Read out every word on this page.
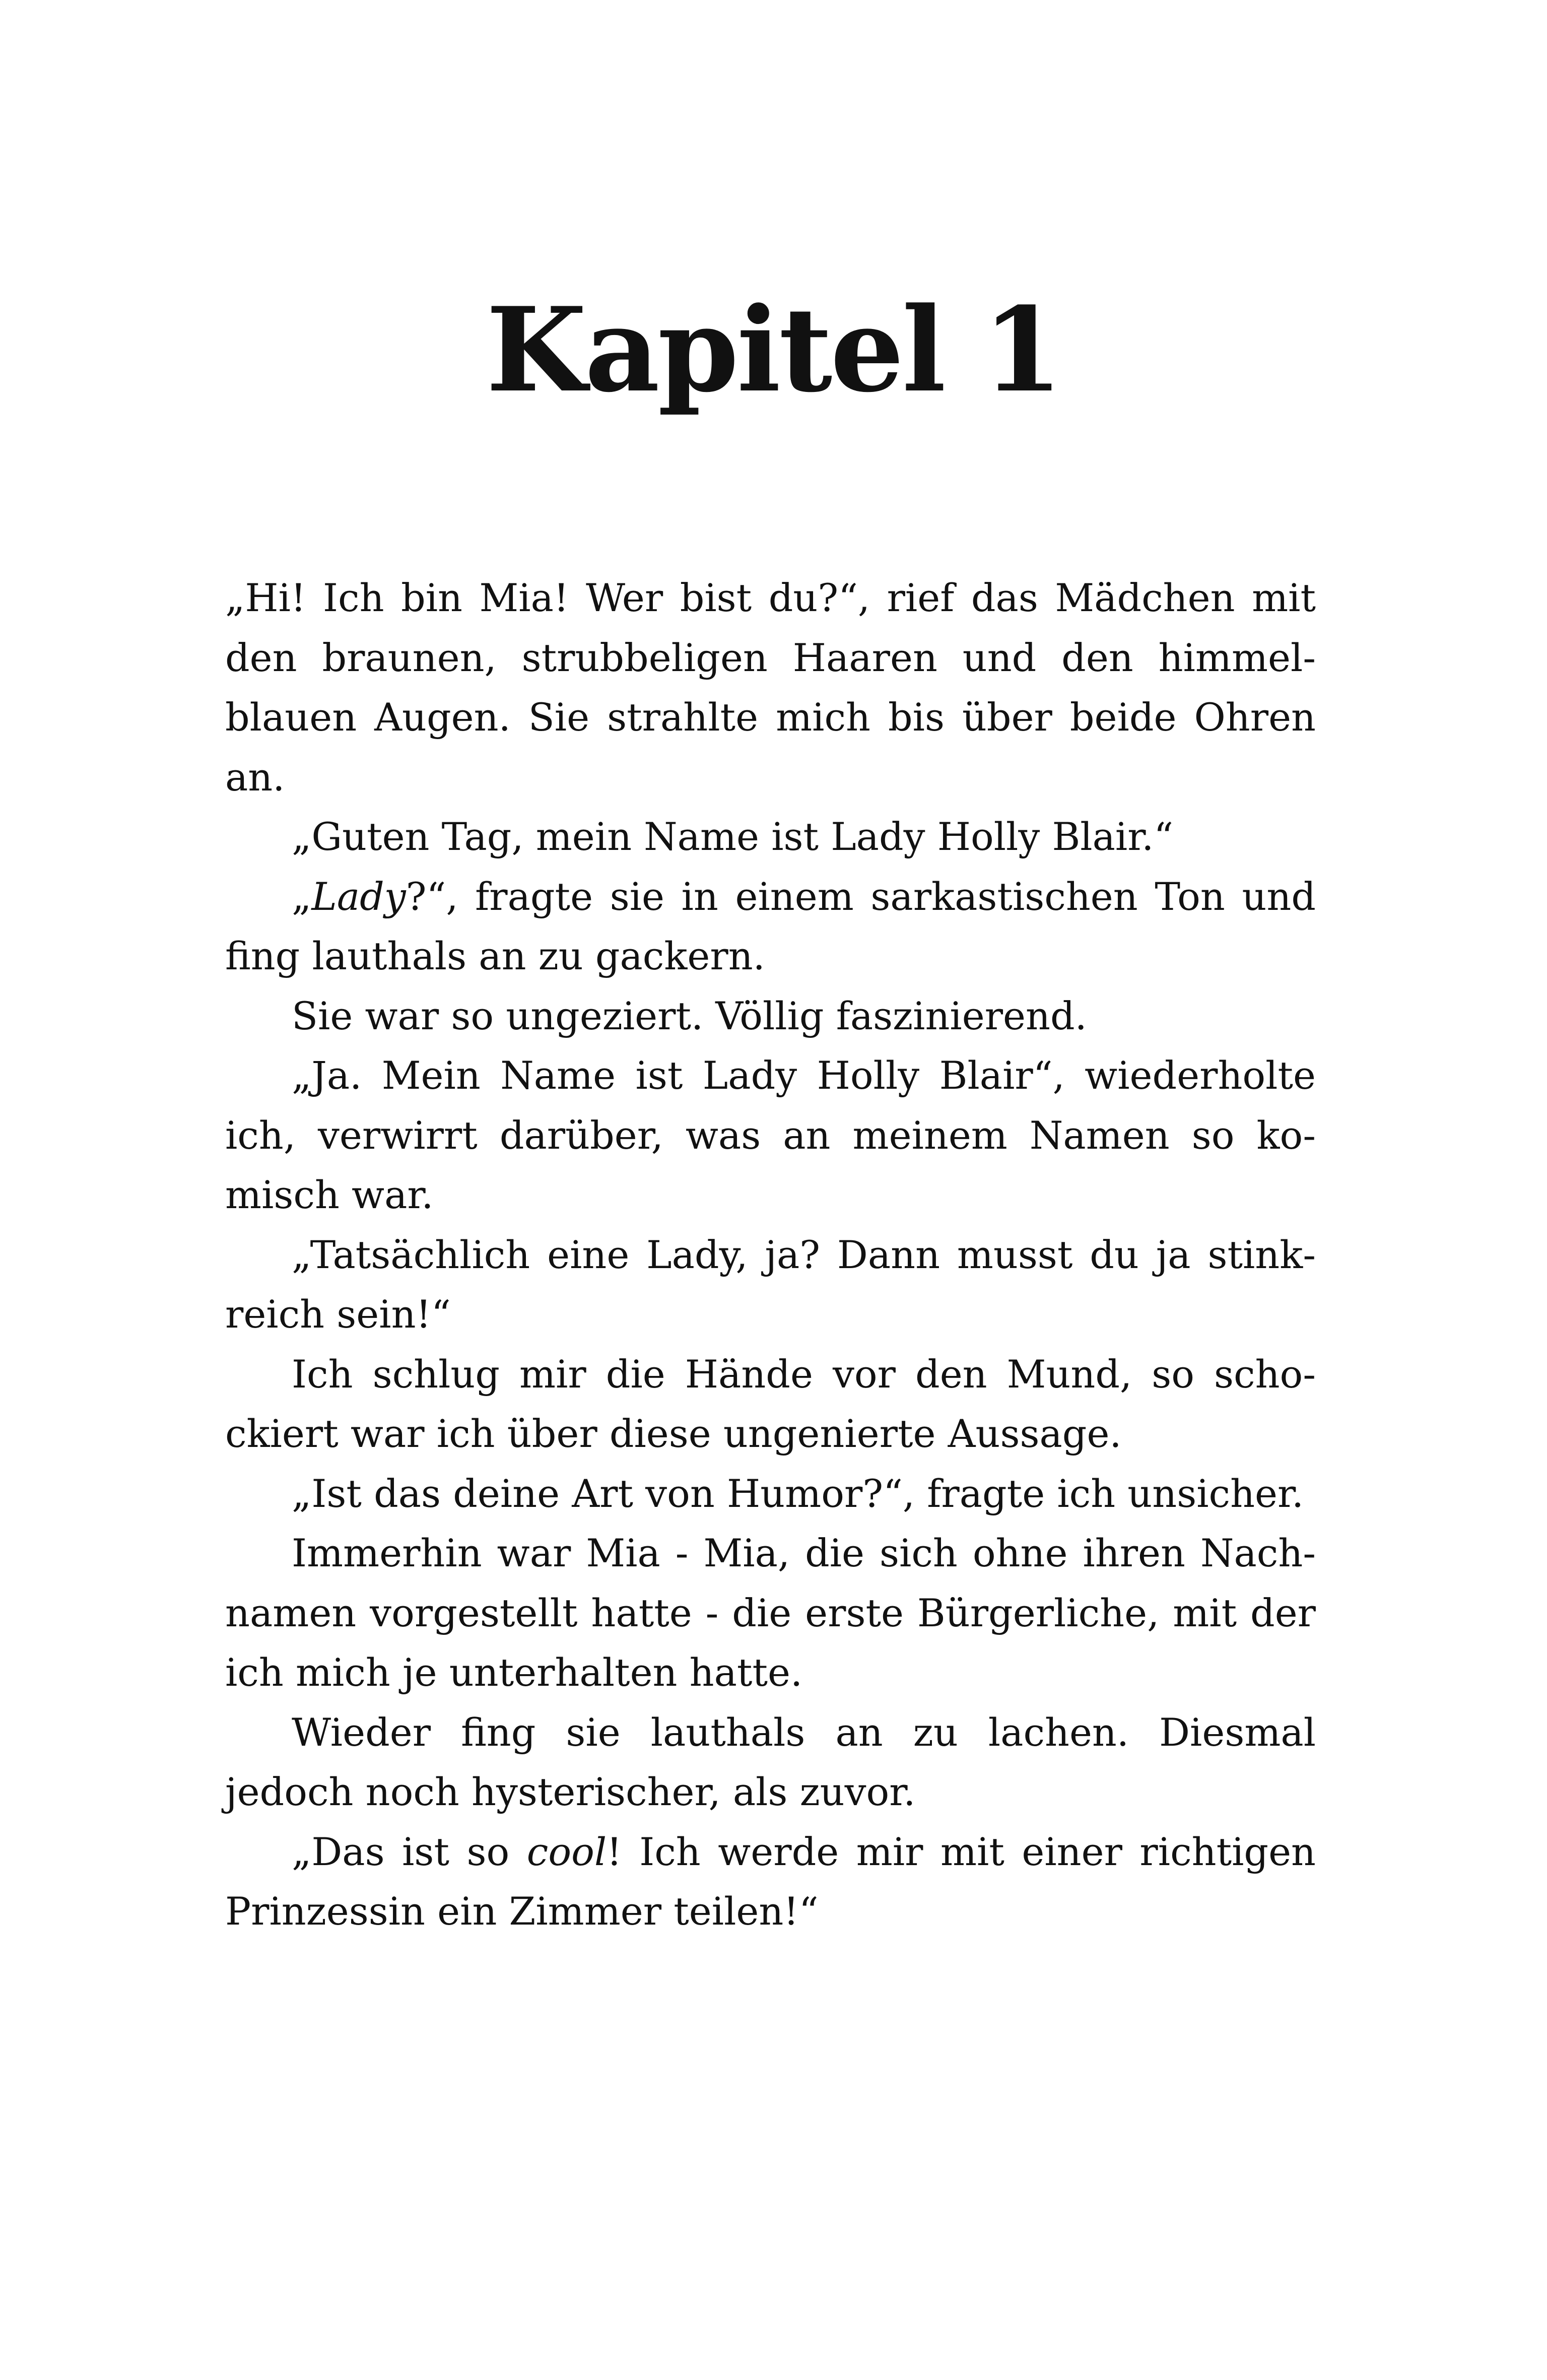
Kapitel 1

„Hi! Ich bin Mia! Wer bist du?“, rief das Mädchen mit den braunen, strubbeligen Haaren und den himmelblauen Augen. Sie strahlte mich bis über beide Ohren an.

„Guten Tag, mein Name ist Lady Holly Blair.“

„Lady?“, fragte sie in einem sarkastischen Ton und fing lauthals an zu gackern.

Sie war so ungeziert. Völlig faszinierend.

„Ja. Mein Name ist Lady Holly Blair“, wiederholte ich, verwirrt darüber, was an meinem Namen so komisch war.

„Tatsächlich eine Lady, ja? Dann musst du ja stinkreich sein!“

Ich schlug mir die Hände vor den Mund, so schockiert war ich über diese ungenierte Aussage.

„Ist das deine Art von Humor?“, fragte ich unsicher.

Immerhin war Mia - Mia, die sich ohne ihren Nachnamen vorgestellt hatte - die erste Bürgerliche, mit der ich mich je unterhalten hatte.

Wieder fing sie lauthals an zu lachen. Diesmal jedoch noch hysterischer, als zuvor.

„Das ist so cool! Ich werde mir mit einer richtigen Prinzessin ein Zimmer teilen!“
